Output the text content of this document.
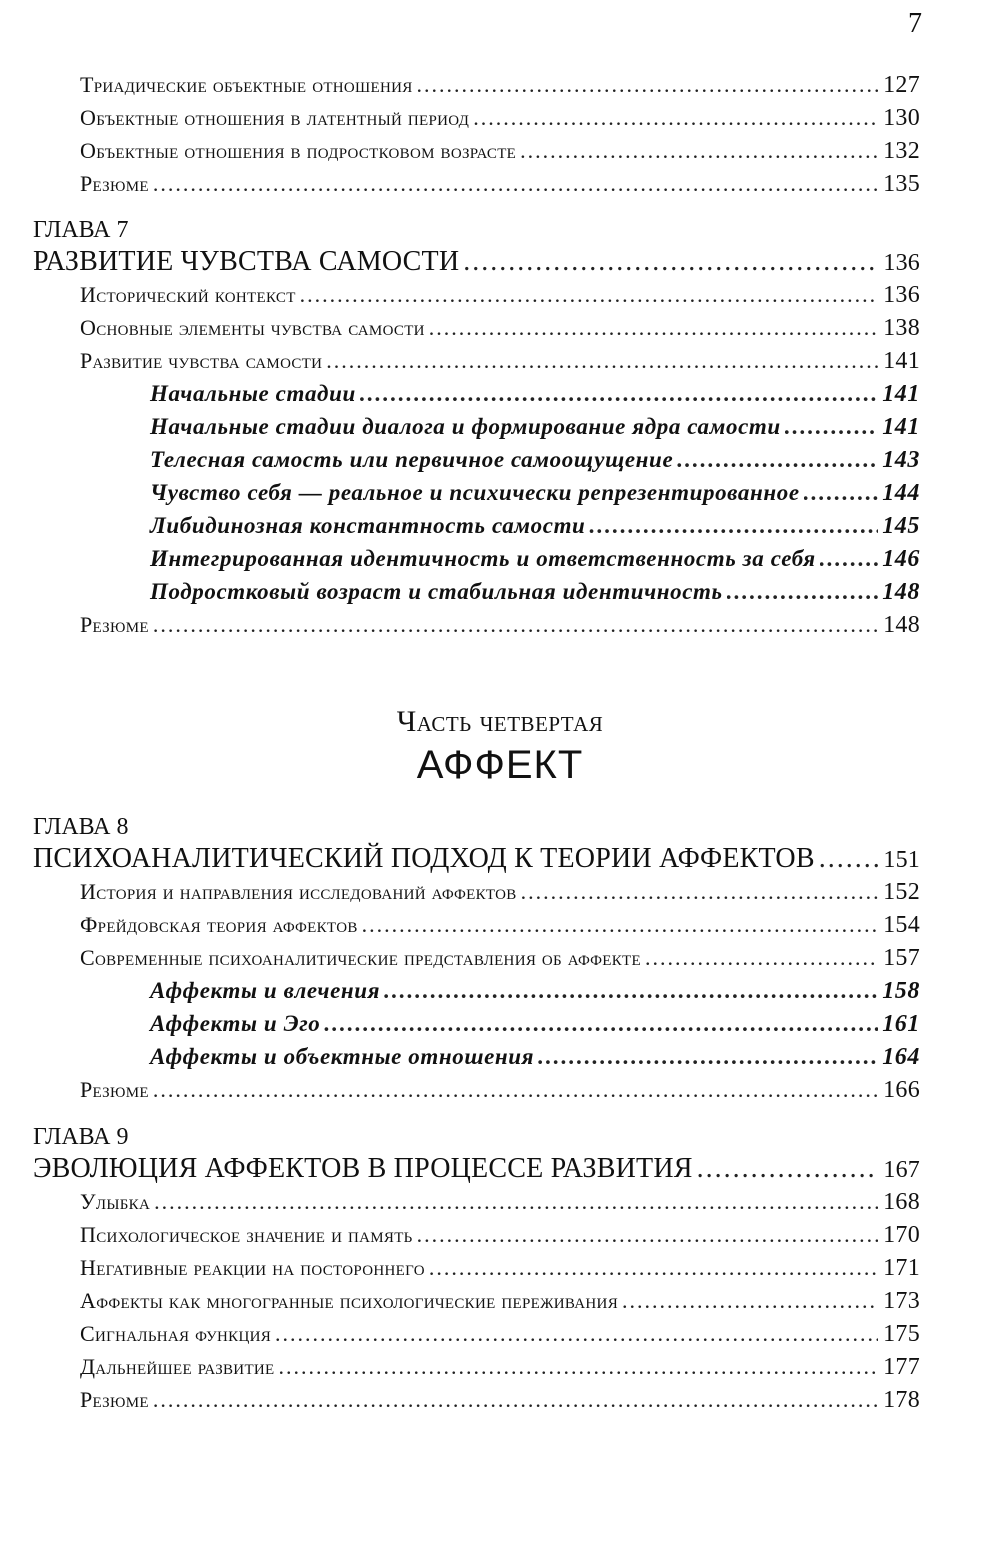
7
Триадические объектные отношения .....	127
Объектные отношения в латентный период .....	130
Объектные отношения в подростковом возрасте .....	132
Резюме .....	135
ГЛАВА 7
РАЗВИТИЕ ЧУВСТВА САМОСТИ .....	136
Исторический контекст .....	136
Основные элементы чувства самости .....	138
Развитие чувства самости .....	141
Начальные стадии .....	141
Начальные стадии диалога и формирование ядра самости .....	141
Телесная самость или первичное самоощущение .....	143
Чувство себя — реальное и психически репрезентированное .....	144
Либидинозная константность самости .....	145
Интегрированная идентичность и ответственность за себя .....	146
Подростковый возраст и стабильная идентичность .....	148
Резюме .....	148
Часть четвертая
АФФЕКТ
ГЛАВА 8
ПСИХОАНАЛИТИЧЕСКИЙ ПОДХОД К ТЕОРИИ АФФЕКТОВ .....	151
История и направления исследований аффектов .....	152
Фрейдовская теория аффектов .....	154
Современные психоаналитические представления об аффекте .....	157
Аффекты и влечения .....	158
Аффекты и Эго .....	161
Аффекты и объектные отношения .....	164
Резюме .....	166
ГЛАВА 9
ЭВОЛЮЦИЯ АФФЕКТОВ В ПРОЦЕССЕ РАЗВИТИЯ .....	167
Улыбка .....	168
Психологическое значение и память .....	170
Негативные реакции на постороннего .....	171
Аффекты как многогранные психологические переживания .....	173
Сигнальная функция .....	175
Дальнейшее развитие .....	177
Резюме .....	178
